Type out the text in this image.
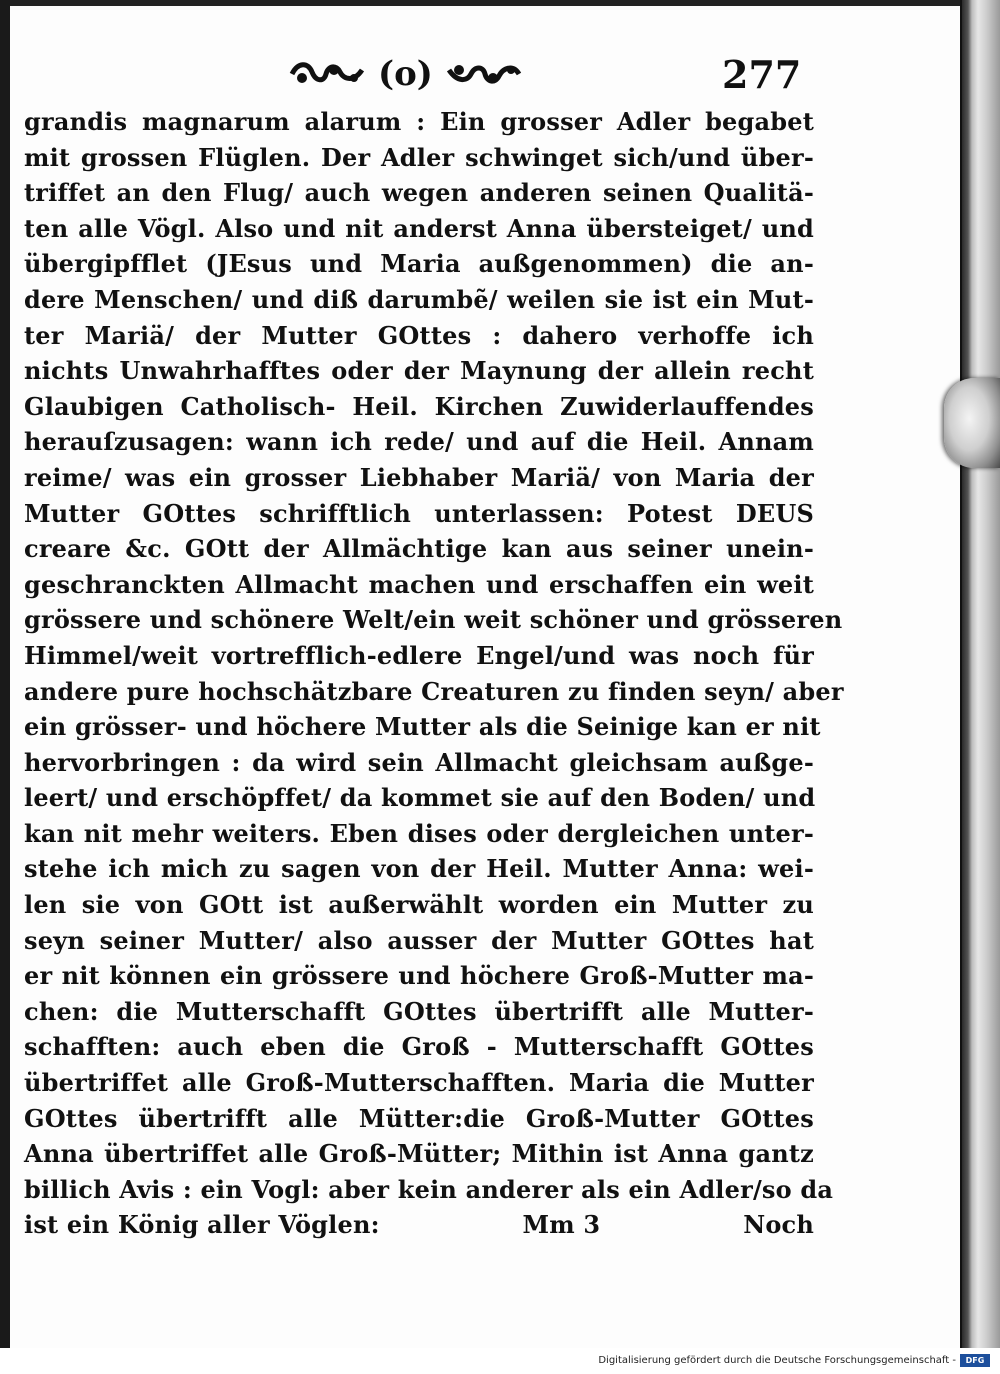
(o)	277
grandis magnarum alarum : Ein grosser Adler begabet
mit grossen Flüglen. Der Adler schwinget sich/und über-
triffet an den Flug/ auch wegen anderen seinen Qualitä-
ten alle Vögl. Also und nit anderst Anna übersteiget/ und
übergipfflet (JEsus und Maria außgenommen) die an-
dere Menschen/ und diß darumbẽ/ weilen sie ist ein Mut-
ter Mariä/ der Mutter GOttes : dahero verhoffe ich
nichts Unwahrhafftes oder der Maynung der allein recht
Glaubigen Catholisch- Heil. Kirchen Zuwiderlauffendes
herauſzusagen: wann ich rede/ und auf die Heil. Annam
reime/ was ein grosser Liebhaber Mariä/ von Maria der
Mutter GOttes schrifftlich unterlassen: Potest DEUS
creare &c. GOtt der Allmächtige kan aus seiner unein-
geschranckten Allmacht machen und erschaffen ein weit
grössere und schönere Welt/ein weit schöner und grösseren
Himmel/weit vortrefflich-edlere Engel/und was noch für
andere pure hochschätzbare Creaturen zu finden seyn/ aber
ein grösser- und höchere Mutter als die Seinige kan er nit
hervorbringen : da wird sein Allmacht gleichsam außge-
leert/ und erschöpffet/ da kommet sie auf den Boden/ und
kan nit mehr weiters. Eben dises oder dergleichen unter-
stehe ich mich zu sagen von der Heil. Mutter Anna: wei-
len sie von GOtt ist außerwählt worden ein Mutter zu
seyn seiner Mutter/ also ausser der Mutter GOttes hat
er nit können ein grössere und höchere Groß-Mutter ma-
chen: die Mutterschafft GOttes übertrifft alle Mutter-
schafften: auch eben die Groß - Mutterschafft GOttes
übertriffet alle Groß-Mutterschafften. Maria die Mutter
GOttes übertrifft alle Mütter:die Groß-Mutter GOttes
Anna übertriffet alle Groß-Mütter; Mithin ist Anna gantz
billich Avis : ein Vogl: aber kein anderer als ein Adler/so da
ist ein König aller Vöglen:	Mm 3	Noch
Digitalisierung gefördert durch die Deutsche Forschungsgemeinschaft -	DFG
